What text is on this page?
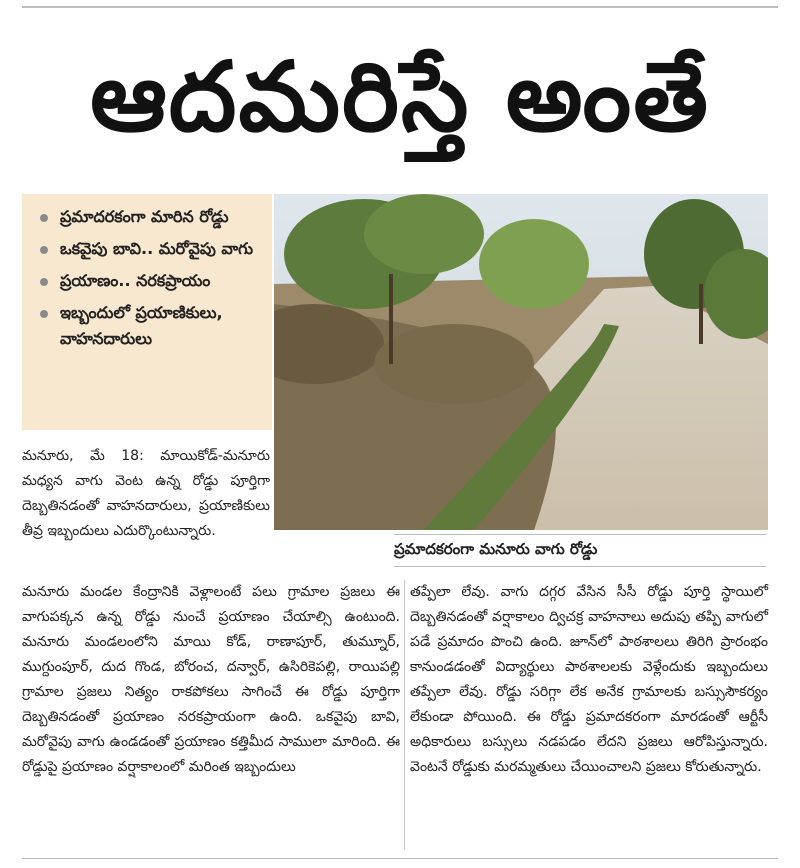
ఆదమరిస్తే అంతే
ప్రమాదరకంగా మారిన రోడ్డు
ఒకవైపు బావి.. మరోవైపు వాగు
ప్రయాణం.. నరకప్రాయం
ఇబ్బందులో ప్రయాణికులు, వాహనదారులు
ప్రమాదకరంగా మనూరు వాగు రోడ్డు

మనూరు, మే 18: మాయికోడ్-మనూరు మధ్యన వాగు వెంట ఉన్న రోడ్డు పూర్తిగా దెబ్బతినడంతో వాహనదారులు, ప్రయాణికులు తీవ్ర ఇబ్బందులు ఎదుర్కొంటున్నారు.

మనూరు మండల కేంద్రానికి వెళ్లాలంటే పలు గ్రామాల ప్రజలు ఈ వాగుపక్కన ఉన్న రోడ్డు నుంచే ప్రయాణం చేయాల్సి ఉంటుంది. మనూరు మండలంలోని మాయి కోడ్, రాణాపూర్, తుమ్నూర్, ముగ్దుంపూర్, దుద గొండ, బోరంచ, దన్వార్, ఉసిరికెపల్లి, రాయిపల్లి గ్రామాల ప్రజలు నిత్యం రాకపోకలు సాగించే ఈ రోడ్డు పూర్తిగా దెబ్బతినడంతో ప్రయాణం నరకప్రాయంగా ఉంది. ఒకవైపు బావి, మరోవైపు వాగు ఉండడంతో ప్రయాణం కత్తిమీద సాములా మారింది. ఈ రోడ్డుపై ప్రయాణం వర్షాకాలంలో మరింత ఇబ్బందులు

తప్పేలా లేవు. వాగు దగ్గర వేసిన సీసీ రోడ్డు పూర్తి స్థాయిలో దెబ్బతినడంతో వర్షాకాలం ద్విచక్ర వాహనాలు అదుపు తప్పి వాగులో పడే ప్రమాదం పొంచి ఉంది. జూన్‌లో పాఠశాలలు తిరిగి ప్రారంభం కానుండడంతో విద్యార్థులు పాఠశాలలకు వెళ్లేందుకు ఇబ్బందులు తప్పేలా లేవు. రోడ్డు సరిగ్గా లేక అనేక గ్రామాలకు బస్సుసౌకర్యం లేకుండా పోయింది. ఈ రోడ్డు ప్రమాదకరంగా మారడంతో ఆర్టీసీ అధికారులు బస్సులు నడపడం లేదని ప్రజలు ఆరోపిస్తున్నారు. వెంటనే రోడ్డుకు మరమ్మతులు చేయించాలని ప్రజలు కోరుతున్నారు.
